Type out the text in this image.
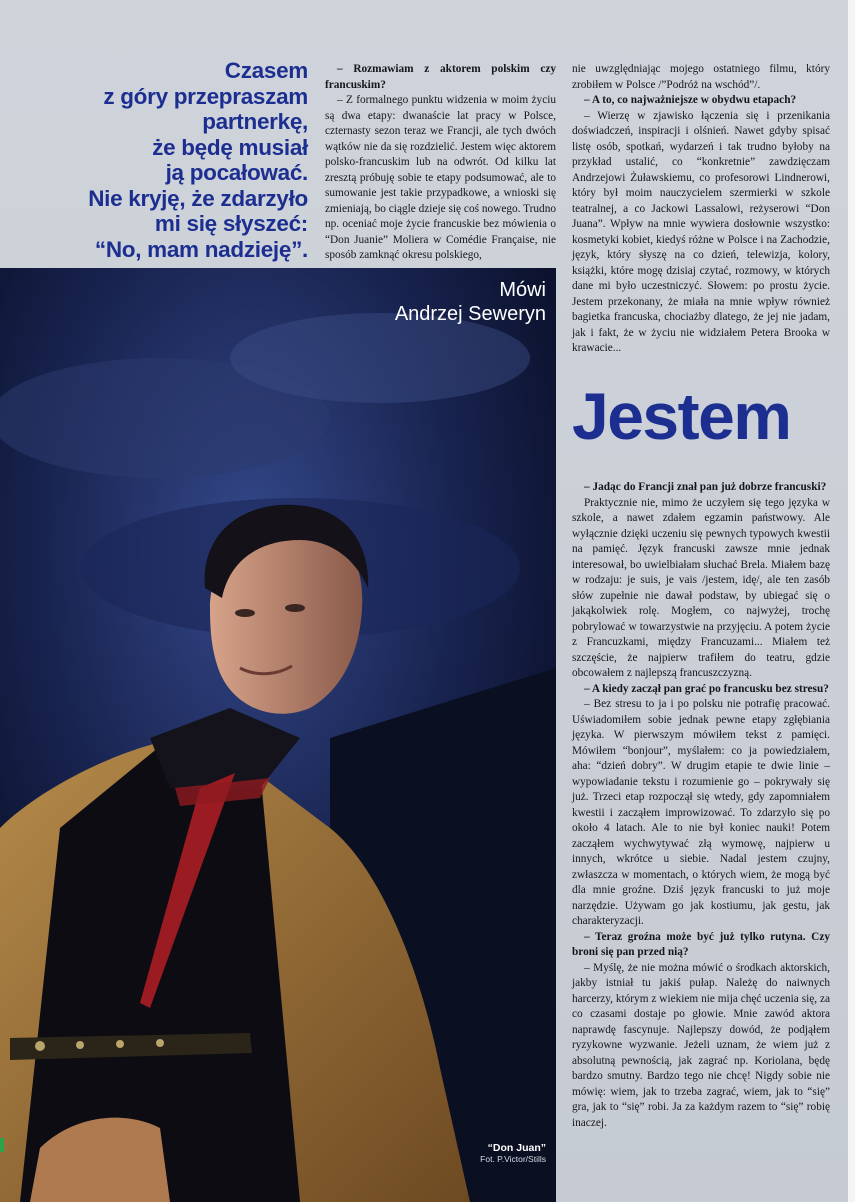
Czasem
z góry przepraszam
partnerkę,
że będę musiał
ją pocałować.
Nie kryję, że zdarzyło
mi się słyszeć:
“No, mam nadzieję”.
Mówi
Andrzej Seweryn
“Don Juan”
Fot. P.Victor/Stills

– Rozmawiam z aktorem polskim czy francuskim?

– Z formalnego punktu widzenia w moim życiu są dwa etapy: dwanaście lat pracy w Polsce, czternasty sezon teraz we Francji, ale tych dwóch wątków nie da się rozdzielić. Jestem więc aktorem polsko-francuskim lub na odwrót. Od kilku lat zresztą próbuję sobie te etapy podsumować, ale to sumowanie jest takie przypadkowe, a wnioski się zmieniają, bo ciągle dzieje się coś nowego. Trudno np. oceniać moje życie francuskie bez mówienia o “Don Juanie” Moliera w Comédie Française, nie sposób zamknąć okresu polskiego,

nie uwzględniając mojego ostatniego filmu, który zrobiłem w Polsce /”Podróż na wschód”/.

– A to, co najważniejsze w obydwu etapach?

– Wierzę w zjawisko łączenia się i przenikania doświadczeń, inspiracji i olśnień. Nawet gdyby spisać listę osób, spotkań, wydarzeń i tak trudno byłoby na przykład ustalić, co “konkretnie” zawdzięczam Andrzejowi Żuławskiemu, co profesorowi Lindnerowi, który był moim nauczycielem szermierki w szkole teatralnej, a co Jackowi Lassalowi, reżyserowi “Don Juana”. Wpływ na mnie wywiera dosłownie wszystko: kosmetyki kobiet, kiedyś różne w Polsce i na Zachodzie, język, który słyszę na co dzień, telewizja, kolory, książki, które mogę dzisiaj czytać, rozmowy, w których dane mi było uczestniczyć. Słowem: po prostu życie. Jestem przekonany, że miała na mnie wpływ również bagietka francuska, chociażby dlatego, że jej nie jadam, jak i fakt, że w życiu nie widziałem Petera Brooka w krawacie...

Jestem

– Jadąc do Francji znał pan już dobrze francuski?

Praktycznie nie, mimo że uczyłem się tego języka w szkole, a nawet zdałem egzamin państwowy. Ale wyłącznie dzięki uczeniu się pewnych typowych kwestii na pamięć. Język francuski zawsze mnie jednak interesował, bo uwielbiałam słuchać Brela. Miałem bazę w rodzaju: je suis, je vais /jestem, idę/, ale ten zasób słów zupełnie nie dawał podstaw, by ubiegać się o jakąkolwiek rolę. Mogłem, co najwyżej, trochę pobrylować w towarzystwie na przyjęciu. A potem życie z Francuzkami, między Francuzami... Miałem też szczęście, że najpierw trafiłem do teatru, gdzie obcowałem z najlepszą francuszczyzną.

– A kiedy zaczął pan grać po francusku bez stresu?

– Bez stresu to ja i po polsku nie potrafię pracować. Uświadomiłem sobie jednak pewne etapy zgłębiania języka. W pierwszym mówiłem tekst z pamięci. Mówiłem “bonjour”, myślałem: co ja powiedziałem, aha: “dzień dobry”. W drugim etapie te dwie linie – wypowiadanie tekstu i rozumienie go – pokrywały się już. Trzeci etap rozpoczął się wtedy, gdy zapomniałem kwestii i zacząłem improwizować. To zdarzyło się po około 4 latach. Ale to nie był koniec nauki! Potem zacząłem wychwytywać złą wymowę, najpierw u innych, wkrótce u siebie. Nadal jestem czujny, zwłaszcza w momentach, o których wiem, że mogą być dla mnie groźne. Dziś język francuski to już moje narzędzie. Używam go jak kostiumu, jak gestu, jak charakteryzacji.

– Teraz groźna może być już tylko rutyna. Czy broni się pan przed nią?

– Myślę, że nie można mówić o środkach aktorskich, jakby istniał tu jakiś pułap. Należę do naiwnych harcerzy, którym z wiekiem nie mija chęć uczenia się, za co czasami dostaje po głowie. Mnie zawód aktora naprawdę fascynuje. Najlepszy dowód, że podjąłem ryzykowne wyzwanie. Jeżeli uznam, że wiem już z absolutną pewnością, jak zagrać np. Koriolana, będę bardzo smutny. Bardzo tego nie chcę! Nigdy sobie nie mówię: wiem, jak to trzeba zagrać, wiem, jak to “się” gra, jak to “się” robi. Ja za każdym razem to “się” robię inaczej.
